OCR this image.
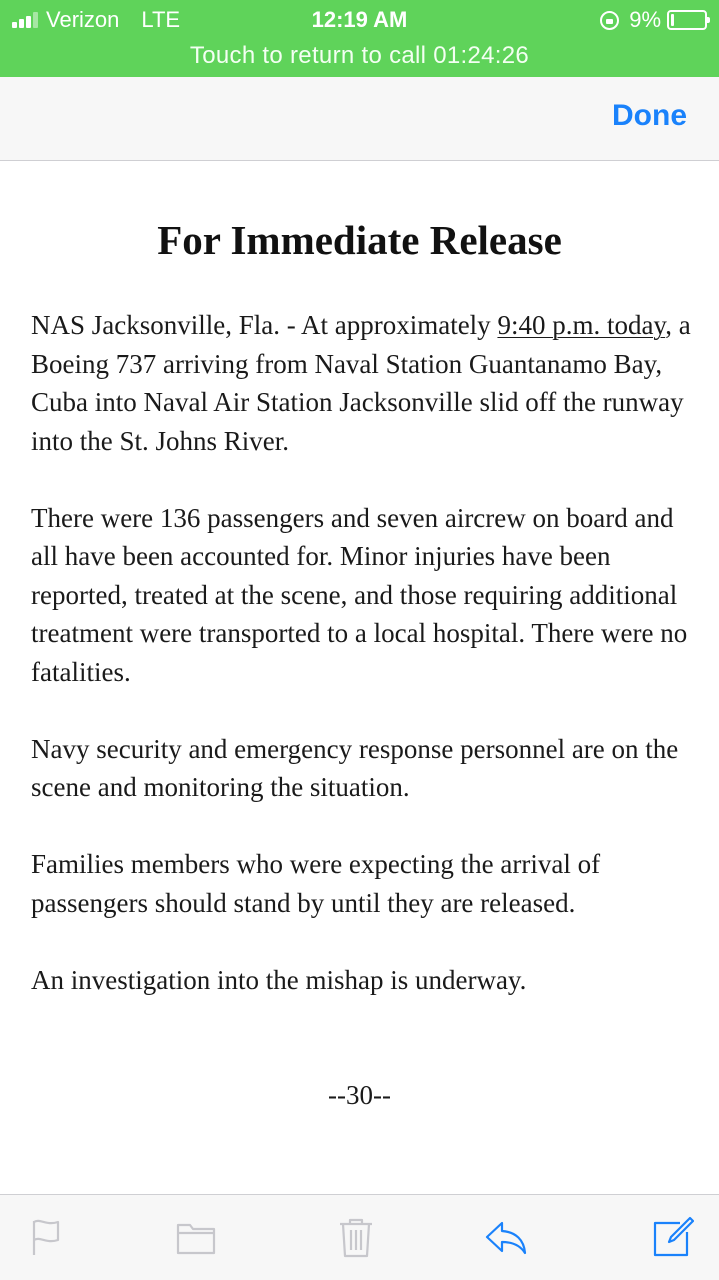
Verizon LTE	12:19 AM	9%
Touch to return to call 01:24:26
Done

For Immediate Release

NAS Jacksonville, Fla. - At approximately 9:40 p.m. today, a Boeing 737 arriving from Naval Station Guantanamo Bay, Cuba into Naval Air Station Jacksonville slid off the runway into the St. Johns River.

There were 136 passengers and seven aircrew on board and all have been accounted for. Minor injuries have been reported, treated at the scene, and those requiring additional treatment were transported to a local hospital. There were no fatalities.

Navy security and emergency response personnel are on the scene and monitoring the situation.

Families members who were expecting the arrival of passengers should stand by until they are released.

An investigation into the mishap is underway.

--30--
